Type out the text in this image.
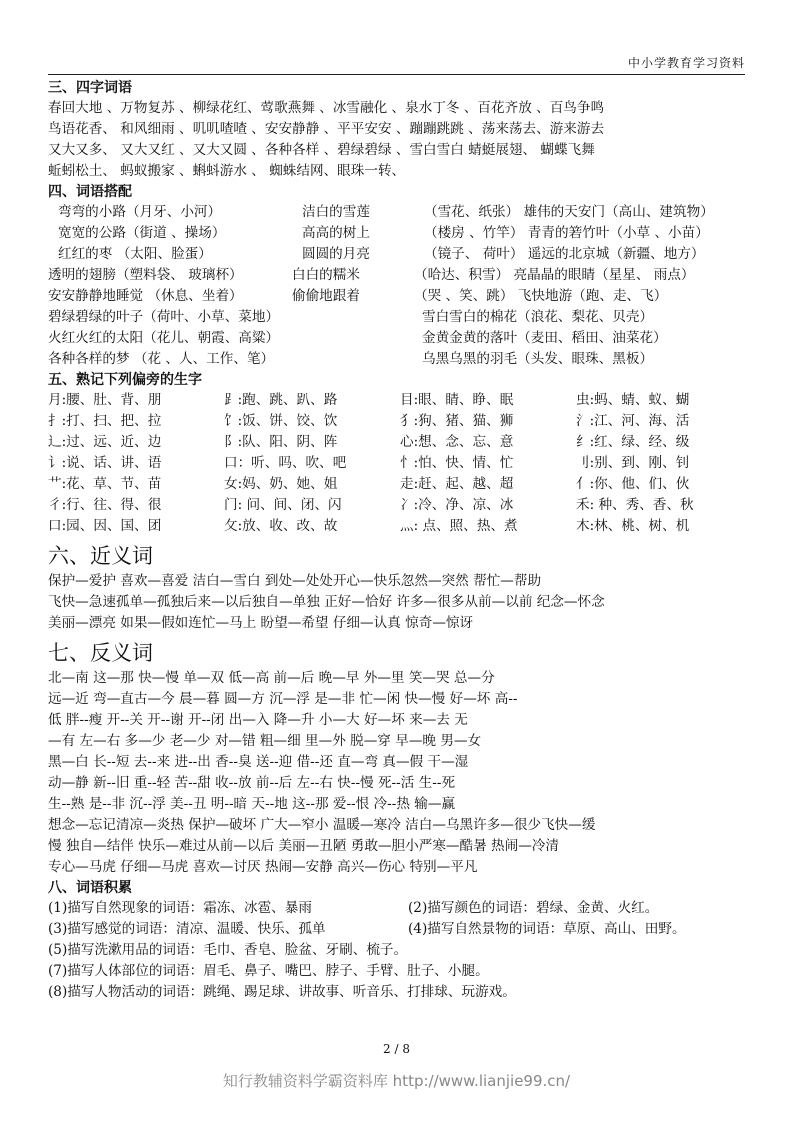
中小学教育学习资料
三、四字词语
春回大地 、万物复苏 、柳绿花红、莺歌燕舞 、冰雪融化 、泉水丁冬 、百花齐放 、百鸟争鸣
鸟语花香、 和风细雨 、叽叽喳喳 、安安静静 、平平安安 、蹦蹦跳跳 、荡来荡去、游来游去
又大又多、 又大又红 、又大又圆 、各种各样 、碧绿碧绿 、雪白雪白 蜻蜓展翅、 蝴蝶飞舞
蚯蚓松土、 蚂蚁搬家 、蝌蚪游水 、 蜘蛛结网、眼珠一转、
四、词语搭配
弯弯的小路（月牙、小河）	洁白的雪莲	（雪花、纸张） 雄伟的天安门（高山、建筑物）
宽宽的公路（街道 、操场）	高高的树上	（楼房 、竹竿） 青青的箬竹叶（小草 、小苗）
红红的枣 （太阳、脸蛋）	圆圆的月亮	（镜子、 荷叶） 遥远的北京城（新疆、地方）
透明的翅膀（塑料袋、 玻璃杯）	白白的糯米	（哈达、积雪） 亮晶晶的眼睛（星星、 雨点）
安安静静地睡觉 （休息、坐着）	偷偷地跟着	（哭 、笑、跳） 飞快地游（跑、走、飞）
碧绿碧绿的叶子（荷叶、小草、菜地）	雪白雪白的棉花（浪花、梨花、贝壳）
火红火红的太阳（花儿、朝霞、高粱）	金黄金黄的落叶（麦田、稻田、油菜花）
各种各样的梦 （花 、人、工作、笔）	乌黑乌黑的羽毛（头发、眼珠、黑板）
五、熟记下列偏旁的生字
月:腰、肚、背、朋	⻊:跑、跳、趴、路	目:眼、睛、睁、眠	虫:蚂、蜻、蚁、蝴
扌:打、扫、把、拉	饣:饭、饼、饺、饮	犭:狗、猪、猫、狮	氵:江、河、海、活
辶:过、远、近、边	阝:队、阳、阴、阵	心:想、念、忘、意	纟:红、绿、经、级
讠:说、话、讲、语	口：听、吗、吹、吧	忄:怕、快、情、忙	刂:别、到、刚、钊
艹:花、草、节、苗	女:妈、奶、她、姐	走:赶、起、越、超	亻:你、他、们、伙
彳:行、往、得、很	门: 问、间、闭、闪	冫:冷、净、凉、冰	禾: 种、秀、香、秋
口:园、因、国、团	攵:放、收、改、故	灬: 点、照、热、煮	木:林、桃、树、机
六、近义词
保护—爱护 喜欢—喜爱 洁白—雪白 到处—处处开心—快乐忽然—突然 帮忙—帮助
飞快—急速孤单—孤独后来—以后独自—单独 正好—恰好 许多—很多从前—以前 纪念—怀念
美丽—漂亮 如果—假如连忙—马上 盼望—希望 仔细—认真 惊奇—惊讶
七、反义词
北—南 这—那 快—慢 单—双 低—高 前—后 晚—早 外—里 笑—哭 总—分
远—近 弯—直古—今 晨—暮 圆—方 沉—浮 是—非 忙—闲 快—慢 好—坏 高--
低 胖--瘦 开--关 开--谢 开--闭 出—入 降—升 小—大 好—坏 来—去 无
—有 左—右 多—少 老—少 对—错 粗—细 里—外 脱—穿 早—晚 男—女
黑—白 长--短 去--来 进--出 香--臭 送--迎 借--还 直—弯 真—假 干—湿
动—静 新--旧 重--轻 苦--甜 收--放 前--后 左--右 快--慢 死--活 生--死
生--熟 是--非 沉--浮 美--丑 明--暗 天--地 这--那 爱--恨 冷--热 输—赢
想念—忘记清凉—炎热 保护—破坏 广大—窄小 温暖—寒冷 洁白—乌黑许多—很少飞快—缓
慢 独自—结伴 快乐—难过从前—以后 美丽—丑陋 勇敢—胆小严寒—酷暑 热闹—冷清
专心—马虎 仔细—马虎 喜欢—讨厌 热闹—安静 高兴—伤心 特别—平凡
八、词语积累
(1)描写自然现象的词语：霜冻、冰雹、暴雨	(2)描写颜色的词语：碧绿、金黄、火红。
(3)描写感觉的词语：清凉、温暖、快乐、孤单	(4)描写自然景物的词语：草原、高山、田野。
(5)描写洗漱用品的词语：毛巾、香皂、脸盆、牙刷、梳子。
(7)描写人体部位的词语：眉毛、鼻子、嘴巴、脖子、手臂、肚子、小腿。
(8)描写人物活动的词语：跳绳、踢足球、讲故事、听音乐、打排球、玩游戏。
2 / 8
知行教辅资料学霸资料库 http://www.lianjie99.cn/
